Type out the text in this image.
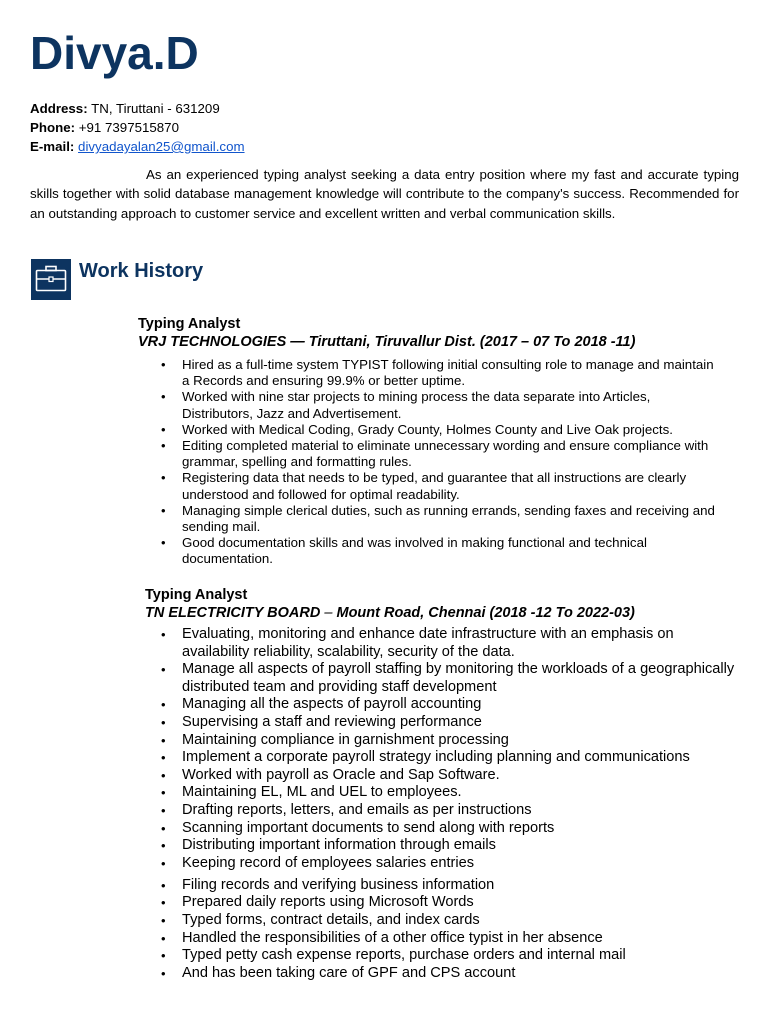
Divya.D
Address: TN, Tiruttani - 631209
Phone: +91 7397515870
E-mail: divyadayalan25@gmail.com
As an experienced typing analyst seeking a data entry position where my fast and accurate typing skills together with solid database management knowledge will contribute to the company's success. Recommended for an outstanding approach to customer service and excellent written and verbal communication skills.
Work History
Typing Analyst
VRJ TECHNOLOGIES — Tiruttani, Tiruvallur Dist. (2017 – 07 To 2018 -11)
• Hired as a full-time system TYPIST following initial consulting role to manage and maintain a Records and ensuring 99.9% or better uptime.
• Worked with nine star projects to mining process the data separate into Articles, Distributors, Jazz and Advertisement.
• Worked with Medical Coding, Grady County, Holmes County and Live Oak projects.
• Editing completed material to eliminate unnecessary wording and ensure compliance with grammar, spelling and formatting rules.
• Registering data that needs to be typed, and guarantee that all instructions are clearly understood and followed for optimal readability.
• Managing simple clerical duties, such as running errands, sending faxes and receiving and sending mail.
• Good documentation skills and was involved in making functional and technical documentation.
Typing Analyst
TN ELECTRICITY BOARD – Mount Road, Chennai (2018 -12 To 2022-03)
• Evaluating, monitoring and enhance date infrastructure with an emphasis on availability reliability, scalability, security of the data.
• Manage all aspects of payroll staffing by monitoring the workloads of a geographically distributed team and providing staff development
• Managing all the aspects of payroll accounting
• Supervising a staff and reviewing performance
• Maintaining compliance in garnishment processing
• Implement a corporate payroll strategy including planning and communications
• Worked with payroll as Oracle and Sap Software.
• Maintaining EL, ML and UEL to employees.
• Drafting reports, letters, and emails as per instructions
• Scanning important documents to send along with reports
• Distributing important information through emails
• Keeping record of employees salaries entries
• Filing records and verifying business information
• Prepared daily reports using Microsoft Words
• Typed forms, contract details, and index cards
• Handled the responsibilities of a other office typist in her absence
• Typed petty cash expense reports, purchase orders and internal mail
• And has been taking care of GPF and CPS account
